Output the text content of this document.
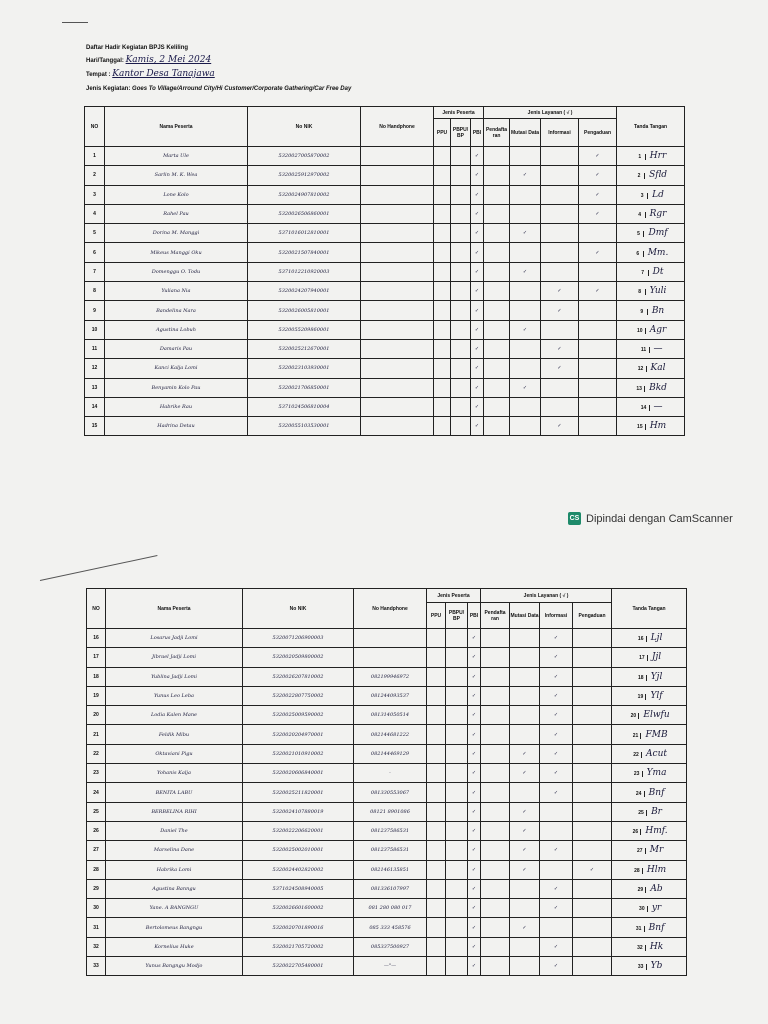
Daftar Hadir Kegiatan BPJS Keliling
Hari/Tanggal: Kamis, 2 Mei 2024
Tempat : Kantor Desa Tanajawa
Jenis Kegiatan: Goes To Village/Arround City/Hi Customer/Corporate Gathering/Car Free Day
NO	Nama Peserta	No NIK	No Handphone	Jenis Peserta			Jenis Layanan ( √ )				Tanda Tangan
				PPU	PBPU/ BP	PBI	Pendafta ran	Mutasi Data	Informasi	Pengaduan	
1	Marta Ule	5320027005870002				✓				✓	1 Hrr
2	Sarlin M. K. Wea	5320025912970002				✓		✓		✓	2 Sfld
3	Lone Kolo	5320024907810002				✓				✓	3 Ld
4	Rahel Pau	5320026506860001				✓				✓	4 Rgr
5	Dorina M. Manggi	5371016012810001				✓		✓			5 Dmf
6	Mikeus Manggi Oku	5320021507840001				✓				✓	6 Mm.
7	Domenggu O. Todu	5371012210920003				✓		✓			7 Dt
8	Yuliana Nia	5320024207940001				✓			✓	✓	8 Yuli
9	Bandelina Nara	5320026005810001				✓			✓		9 Bn
10	Agustina Lobuh	5320055209860001				✓		✓			10 Agr
11	Damaris Pau	5320025212670001				✓			✓		11 —
12	Kanci Kalja Lomi	5320023103930001				✓			✓		12 Kal
13	Benyamin Kolo Pau	5320021706850001				✓		✓			13 Bkd
14	Habrike Rau	5371024506810004				✓					14 —
15	Hadrina Detau	5320055103530001				✓			✓		15 Hm
CS Dipindai dengan CamScanner
NO	Nama Peserta	No NIK	No Handphone	Jenis Peserta			Jenis Layanan ( √ )				Tanda Tangan
				PPU	PBPU/ BP	PBI	Pendafta ran	Mutasi Data	Informasi	Pengaduan	
16	Losarus Jadji Lomi	5320071206900003				✓			✓		16 Ljl
17	Jibrael Jadji Lomi	5320020509800002				✓			✓		17 Jjl
18	Yublina Jadji Lomi	5320026207810002	082199946972			✓			✓		18 Yjl
19	Yunus Leo Leba	5320022807750002	081244093537			✓			✓		19 Ylf
20	Lodia Kalen Mane	5320025009590002	081314050514			✓			✓		20 Elwfu
21	Feldik Mibu	5320020204970001	082144681222			✓			✓		21 FMB
22	Oktaviani Pigu	5320021010910002	082144469129			✓		✓	✓		22 Acut
23	Yohanis Kalja	5320020606840001	-			✓		✓	✓		23 Yma
24	BENITA LABU	5320025211820001	081330553067			✓			✓		24 Bnf
25	BERBELINA RIHI	5320024107880019	08121 8901086			✓		✓			25 Br
26	Daniel The	5320022206620001	081237586531			✓		✓			26 Hmf.
27	Marselina Dane	5320025002010001	081237586531			✓		✓	✓		27 Mr
28	Habrika Lomi	5320024402820002	082146135851			✓		✓		✓	28 Hlm
29	Agustina Banngu	5371024508940005	081336107997			✓			✓		29 Ab
30	Yane. A BANGNGU	5320026601600002	081 280 080 017			✓			✓		30 yr
31	Bertolomeus Bangngu	5320020701890016	085 333 458576			✓		✓			31 Bnf
32	Kornelius Huke	5320021705720002	085337500927			✓			✓		32 Hk
33	Yunus Bangngu Modjo	5320022705480001	—"—			✓			✓		33 Yb
